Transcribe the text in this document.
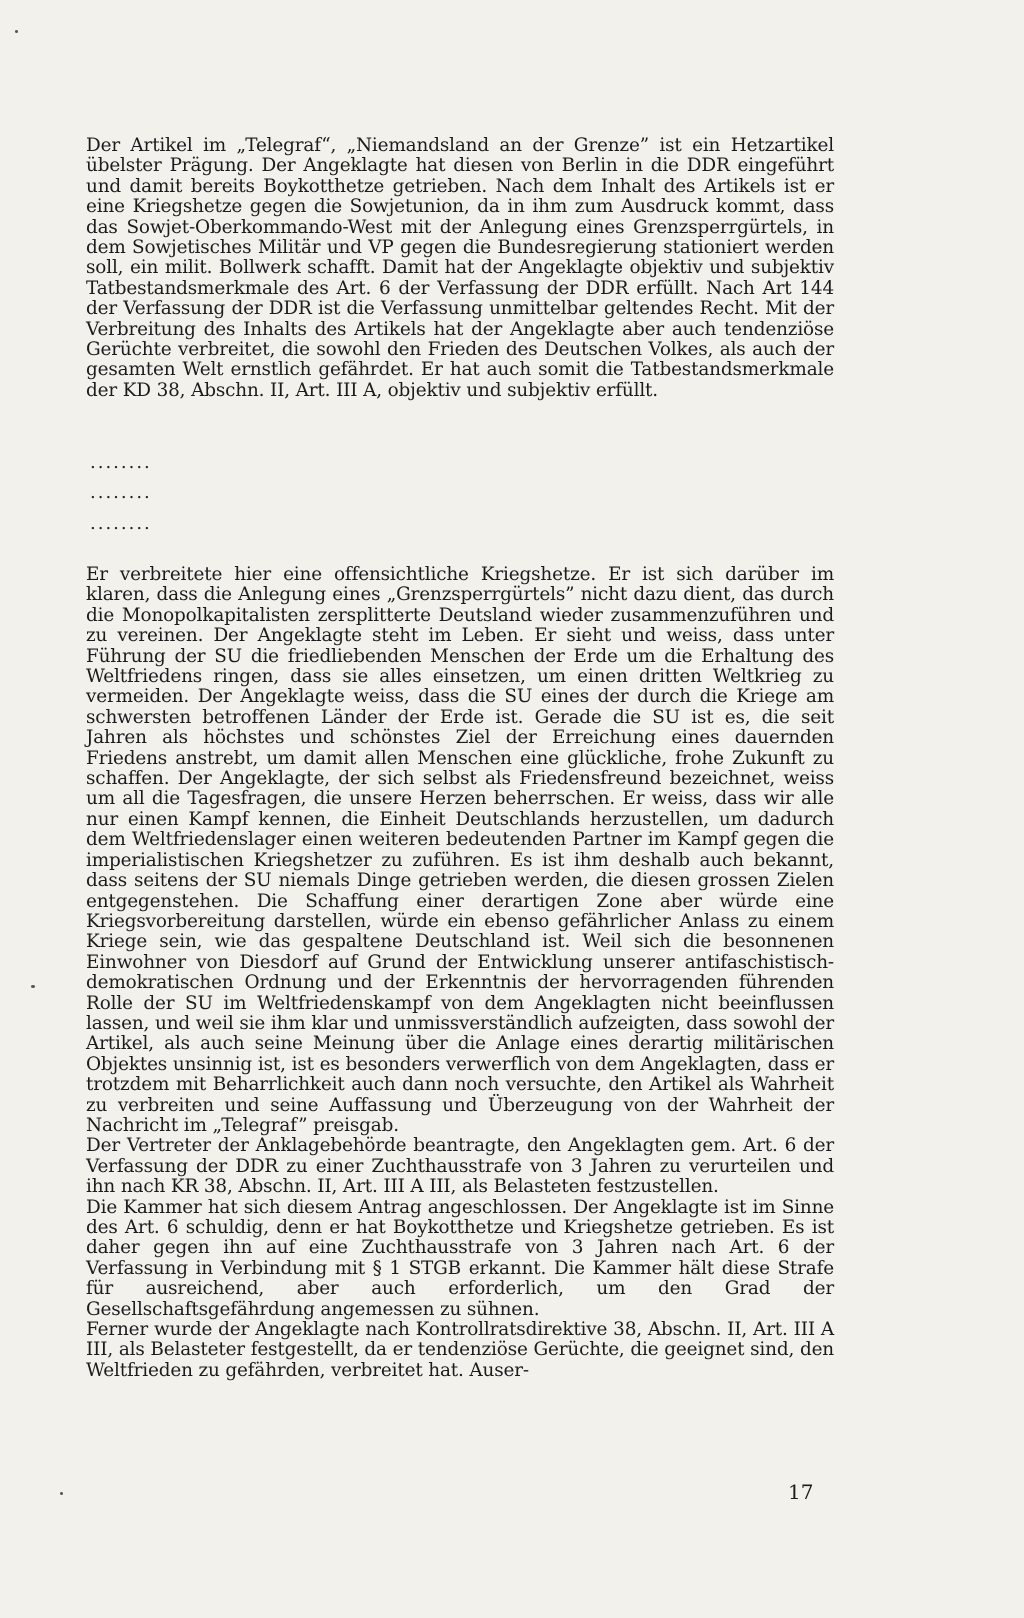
Der Artikel im „Telegraf“, „Niemandsland an der Grenze” ist ein Hetzartikel übelster Prägung. Der Angeklagte hat diesen von Berlin in die DDR eingeführt und damit bereits Boykotthetze getrieben. Nach dem Inhalt des Artikels ist er eine Kriegshetze gegen die Sowjetunion, da in ihm zum Ausdruck kommt, dass das Sowjet-Oberkommando-West mit der Anlegung eines Grenzsperrgürtels, in dem Sowjetisches Militär und VP gegen die Bundesregierung stationiert werden soll, ein milit. Bollwerk schafft. Damit hat der Angeklagte objektiv und subjektiv Tatbestandsmerkmale des Art. 6 der Verfassung der DDR erfüllt. Nach Art 144 der Verfassung der DDR ist die Verfassung unmittelbar geltendes Recht. Mit der Verbreitung des Inhalts des Artikels hat der Angeklagte aber auch tendenziöse Gerüchte verbreitet, die sowohl den Frieden des Deutschen Volkes, als auch der gesamten Welt ernstlich gefährdet. Er hat auch somit die Tatbestandsmerkmale der KD 38, Abschn. II, Art. III A, objektiv und subjektiv erfüllt.

........
........
........

Er verbreitete hier eine offensichtliche Kriegshetze. Er ist sich darüber im klaren, dass die Anlegung eines „Grenzsperrgürtels” nicht dazu dient, das durch die Monopolkapitalisten zersplitterte Deutsland wieder zusammenzuführen und zu vereinen. Der Angeklagte steht im Leben. Er sieht und weiss, dass unter Führung der SU die friedliebenden Menschen der Erde um die Erhaltung des Weltfriedens ringen, dass sie alles einsetzen, um einen dritten Weltkrieg zu vermeiden. Der Angeklagte weiss, dass die SU eines der durch die Kriege am schwersten betroffenen Länder der Erde ist. Gerade die SU ist es, die seit Jahren als höchstes und schönstes Ziel der Erreichung eines dauernden Friedens anstrebt, um damit allen Menschen eine glückliche, frohe Zukunft zu schaffen. Der Angeklagte, der sich selbst als Friedensfreund bezeichnet, weiss um all die Tagesfragen, die unsere Herzen beherrschen. Er weiss, dass wir alle nur einen Kampf kennen, die Einheit Deutschlands herzustellen, um dadurch dem Weltfriedenslager einen weiteren bedeutenden Partner im Kampf gegen die imperialistischen Kriegshetzer zu zuführen. Es ist ihm deshalb auch bekannt, dass seitens der SU niemals Dinge getrieben werden, die diesen grossen Zielen entgegenstehen. Die Schaffung einer derartigen Zone aber würde eine Kriegsvorbereitung darstellen, würde ein ebenso gefährlicher Anlass zu einem Kriege sein, wie das gespaltene Deutschland ist. Weil sich die besonnenen Einwohner von Diesdorf auf Grund der Entwicklung unserer antifaschistisch-demokratischen Ordnung und der Erkenntnis der hervorragenden führenden Rolle der SU im Weltfriedenskampf von dem Angeklagten nicht beeinflussen lassen, und weil sie ihm klar und unmissverständlich aufzeigten, dass sowohl der Artikel, als auch seine Meinung über die Anlage eines derartig militärischen Objektes unsinnig ist, ist es besonders verwerflich von dem Angeklagten, dass er trotzdem mit Beharrlichkeit auch dann noch versuchte, den Artikel als Wahrheit zu verbreiten und seine Auffassung und Überzeugung von der Wahrheit der Nachricht im „Telegraf” preisgab.

Der Vertreter der Anklagebehörde beantragte, den Angeklagten gem. Art. 6 der Verfassung der DDR zu einer Zuchthausstrafe von 3 Jahren zu verurteilen und ihn nach KR 38, Abschn. II, Art. III A III, als Belasteten festzustellen.

Die Kammer hat sich diesem Antrag angeschlossen. Der Angeklagte ist im Sinne des Art. 6 schuldig, denn er hat Boykotthetze und Kriegshetze getrieben. Es ist daher gegen ihn auf eine Zuchthausstrafe von 3 Jahren nach Art. 6 der Verfassung in Verbindung mit § 1 STGB erkannt. Die Kammer hält diese Strafe für ausreichend, aber auch erforderlich, um den Grad der Gesellschaftsgefährdung angemessen zu sühnen.

Ferner wurde der Angeklagte nach Kontrollratsdirektive 38, Abschn. II, Art. III A III, als Belasteter festgestellt, da er tendenziöse Gerüchte, die geeignet sind, den Weltfrieden zu gefährden, verbreitet hat. Auser-

17
